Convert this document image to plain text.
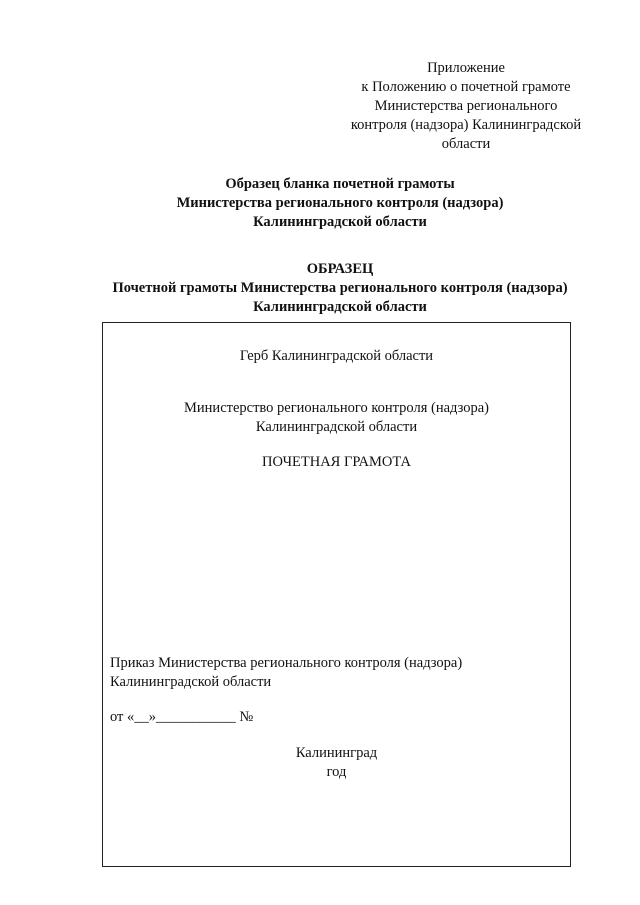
Приложение
к Положению о почетной грамоте
Министерства регионального
контроля (надзора) Калининградской
области
Образец бланка почетной грамоты
Министерства регионального контроля (надзора)
Калининградской области
ОБРАЗЕЦ
Почетной грамоты Министерства регионального контроля (надзора)
Калининградской области
Герб Калининградской области
Министерство регионального контроля (надзора)
Калининградской области
ПОЧЕТНАЯ ГРАМОТА
Приказ Министерства регионального контроля (надзора)
Калининградской области
от «__»___________ №
Калининград
год
